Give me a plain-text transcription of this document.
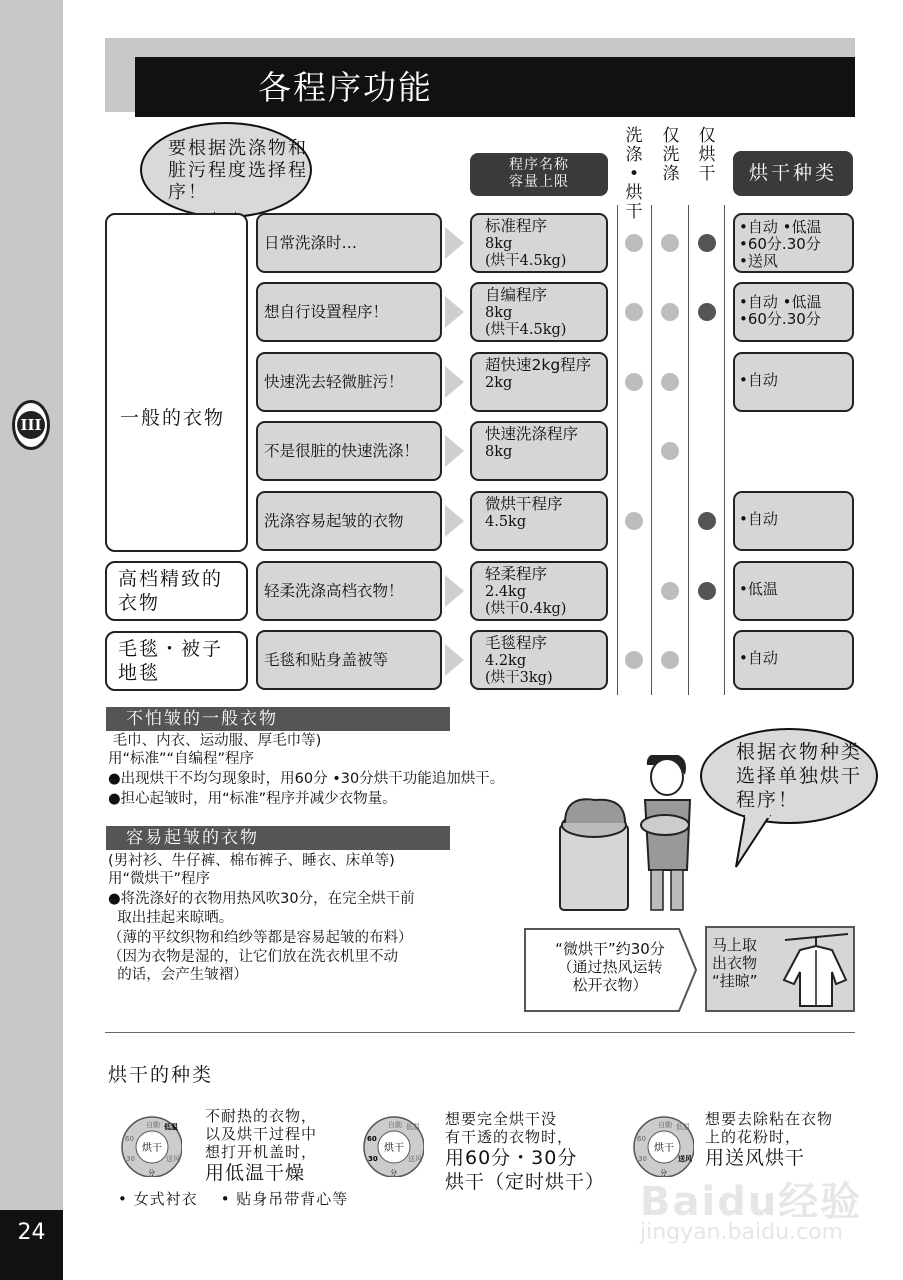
III
24
各程序功能
要根据洗涤物和脏污程度选择程序！
程序名称
容量上限
洗
涤
•
烘
干
仅
洗
涤
仅
烘
干	烘干种类
一般的衣物
高档精致的衣物
毛毯・被子地毯
日常洗涤时…
标准程序
8kg
(烘干4.5kg)
想自行设置程序！
自编程序
8kg
(烘干4.5kg)
快速洗去轻微脏污！
超快速2kg程序
2kg
不是很脏的快速洗涤！
快速洗涤程序
8kg
洗涤容易起皱的衣物
微烘干程序
4.5kg
轻柔洗涤高档衣物！
轻柔程序
2.4kg
(烘干0.4kg)
毛毯和贴身盖被等
毛毯程序
4.2kg
(烘干3kg)
•自动 •低温
•60分.30分
•送风
•自动 •低温
•60分.30分
•自动
•自动
•低温
•自动
不怕皱的一般衣物
毛巾、内衣、运动服、厚毛巾等)
用“标准”“自编程”程序
●出现烘干不均匀现象时，用60分 •30分烘干功能追加烘干。
●担心起皱时，用“标准”程序并减少衣物量。
容易起皱的衣物
(男衬衫、牛仔裤、棉布裤子、睡衣、床单等)
用“微烘干”程序
●将洗涤好的衣物用热风吹30分，在完全烘干前
取出挂起来晾晒。
（薄的平纹织物和绉纱等都是容易起皱的布料）
（因为衣物是湿的，让它们放在洗衣机里不动
的话，会产生皱褶）
根据衣物种类选择单独烘干程序！
“微烘干”约30分
（通过热风运转
松开衣物）
马上取
出衣物
“挂晾”
烘干的种类
自動 低温
送风
60
30
烘干
分
自動 低温
送风
60
30
烘干
分
自動 低温
送风
60
30
烘干
分
不耐热的衣物，
以及烘干过程中
想打开机盖时，
用低温干燥
想要完全烘干没
有干透的衣物时，
用60分・30分
烘干（定时烘干）
想要去除粘在衣物
上的花粉时，
用送风烘干
• 女式衬衣    • 贴身吊带背心等	Baidu经验
jingyan.baidu.com
